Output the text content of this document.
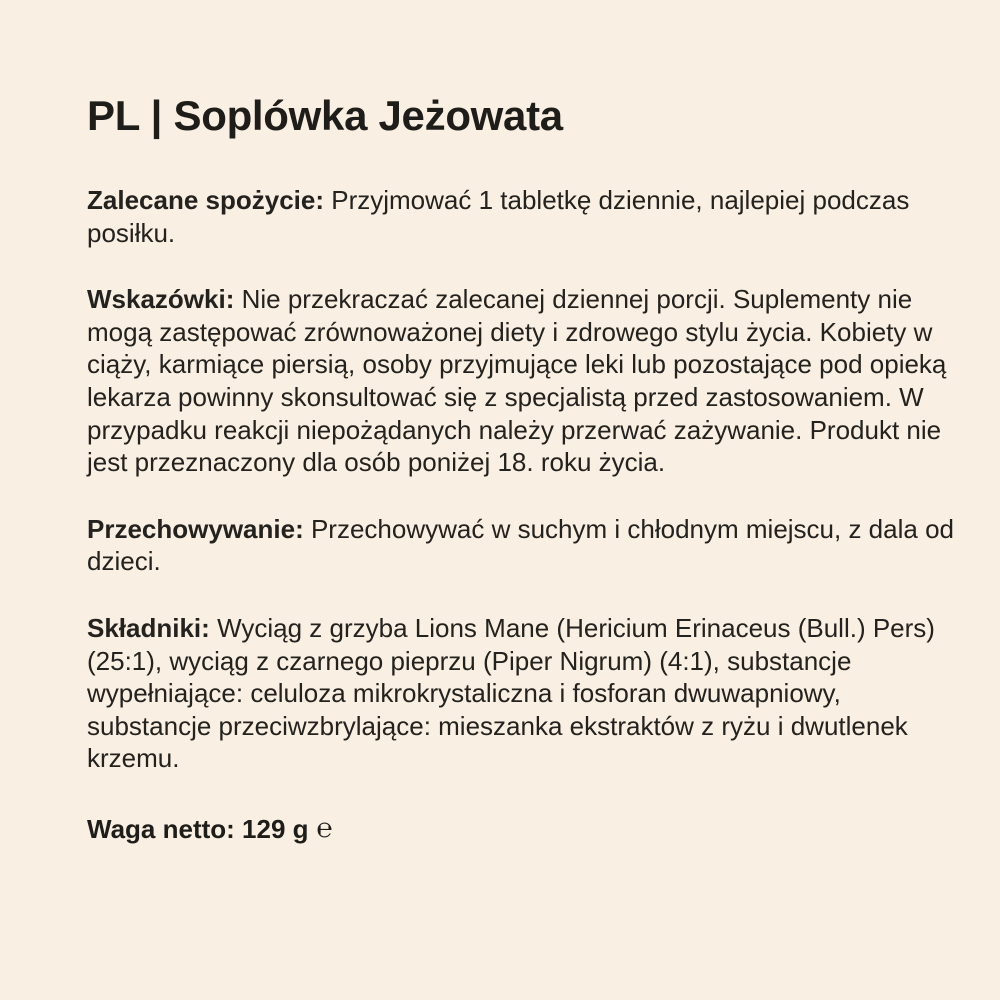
PL | Soplówka Jeżowata

Zalecane spożycie: Przyjmować 1 tabletkę dziennie, najlepiej podczas posiłku.

Wskazówki: Nie przekraczać zalecanej dziennej porcji. Suplementy nie mogą zastępować zrównoważonej diety i zdrowego stylu życia. Kobiety w ciąży, karmiące piersią, osoby przyjmujące leki lub pozostające pod opieką lekarza powinny skonsultować się z specjalistą przed zastosowaniem. W przypadku reakcji niepożądanych należy przerwać zażywanie. Produkt nie jest przeznaczony dla osób poniżej 18. roku życia.

Przechowywanie: Przechowywać w suchym i chłodnym miejscu, z dala od dzieci.

Składniki: Wyciąg z grzyba Lions Mane (Hericium Erinaceus (Bull.) Pers) (25:1), wyciąg z czarnego pieprzu (Piper Nigrum) (4:1), substancje wypełniające: celuloza mikrokrystaliczna i fosforan dwuwapniowy, substancje przeciwzbrylające: mieszanka ekstraktów z ryżu i dwutlenek krzemu.

Waga netto:
129 g ℮
